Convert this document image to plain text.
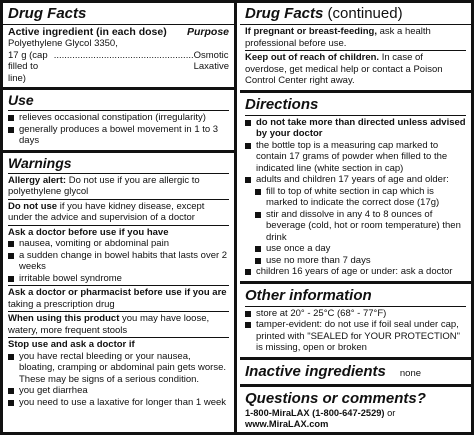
Drug Facts
Active ingredient (in each dose) Purpose
Polyethylene Glycol 3350,
17 g (cap filled to line)
..................................................... Osmotic Laxative
Use
relieves occasional constipation (irregularity)
generally produces a bowel movement in 1 to 3 days
Warnings
Allergy alert: Do not use if you are allergic to polyethylene glycol
Do not use if you have kidney disease, except under the advice and supervision of a doctor
Ask a doctor before use if you have
nausea, vomiting or abdominal pain
a sudden change in bowel habits that lasts over 2 weeks
irritable bowel syndrome
Ask a doctor or pharmacist before use if you are taking a prescription drug
When using this product you may have loose, watery, more frequent stools
Stop use and ask a doctor if
you have rectal bleeding or your nausea, bloating, cramping or abdominal pain gets worse. These may be signs of a serious condition.
you get diarrhea
you need to use a laxative for longer than 1 week
Drug Facts (continued)
If pregnant or breast-feeding, ask a health professional before use.
Keep out of reach of children. In case of overdose, get medical help or contact a Poison Control Center right away.
Directions
do not take more than directed unless advised by your doctor
the bottle top is a measuring cap marked to contain 17 grams of powder when filled to the indicated line (white section in cap)
adults and children 17 years of age and older:
fill to top of white section in cap which is marked to indicate the correct dose (17g)
stir and dissolve in any 4 to 8 ounces of beverage (cold, hot or room temperature) then drink
use once a day
use no more than 7 days
children 16 years of age or under: ask a doctor
Other information
store at 20° - 25°C (68° - 77°F)
tamper-evident: do not use if foil seal under cap, printed with "SEALED for YOUR PROTECTION" is missing, open or broken
Inactive ingredients none
Questions or comments?
1-800-MiraLAX (1-800-647-2529) or www.MiraLAX.com
